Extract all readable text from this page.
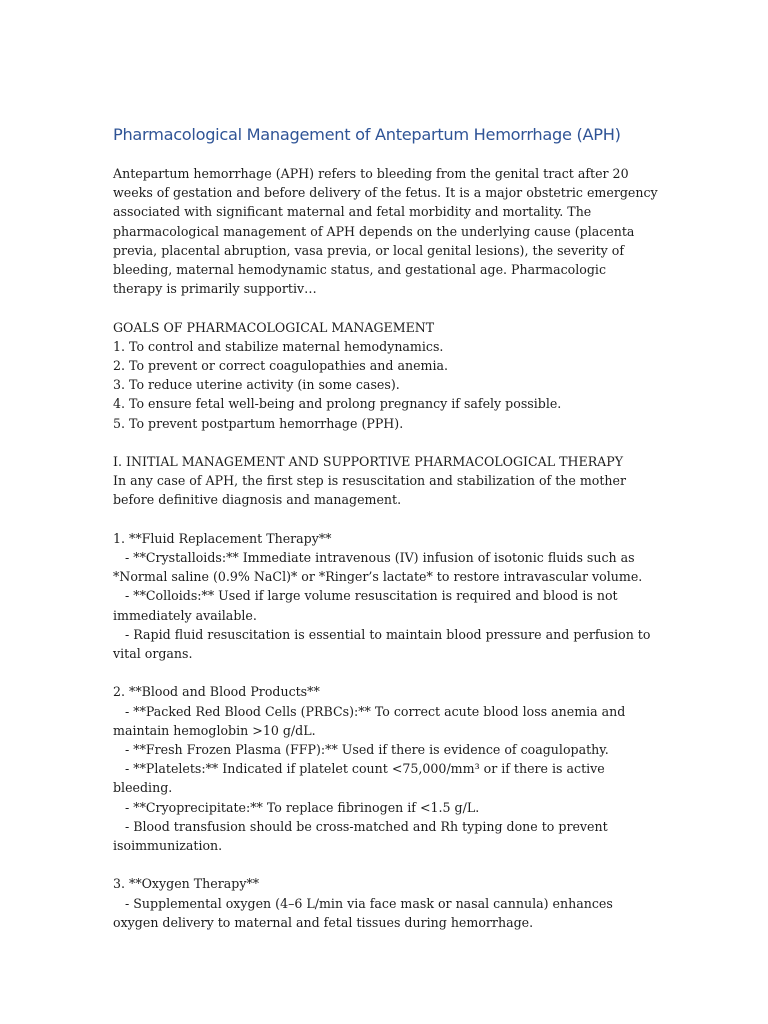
Pharmacological Management of Antepartum Hemorrhage (APH)

Antepartum hemorrhage (APH) refers to bleeding from the genital tract after 20 weeks of gestation and before delivery of the fetus. It is a major obstetric emergency associated with significant maternal and fetal morbidity and mortality. The pharmacological management of APH depends on the underlying cause (placenta previa, placental abruption, vasa previa, or local genital lesions), the severity of bleeding, maternal hemodynamic status, and gestational age. Pharmacologic therapy is primarily supportiv…

GOALS OF PHARMACOLOGICAL MANAGEMENT

1. To control and stabilize maternal hemodynamics.

2. To prevent or correct coagulopathies and anemia.

3. To reduce uterine activity (in some cases).

4. To ensure fetal well-being and prolong pregnancy if safely possible.

5. To prevent postpartum hemorrhage (PPH).

I. INITIAL MANAGEMENT AND SUPPORTIVE PHARMACOLOGICAL THERAPY

In any case of APH, the first step is resuscitation and stabilization of the mother before definitive diagnosis and management.

1. **Fluid Replacement Therapy**

- **Crystalloids:** Immediate intravenous (IV) infusion of isotonic fluids such as *Normal saline (0.9% NaCl)* or *Ringer’s lactate* to restore intravascular volume.

- **Colloids:** Used if large volume resuscitation is required and blood is not immediately available.

- Rapid fluid resuscitation is essential to maintain blood pressure and perfusion to vital organs.

2. **Blood and Blood Products**

- **Packed Red Blood Cells (PRBCs):** To correct acute blood loss anemia and maintain hemoglobin >10 g/dL.

- **Fresh Frozen Plasma (FFP):** Used if there is evidence of coagulopathy.

- **Platelets:** Indicated if platelet count <75,000/mm³ or if there is active bleeding.

- **Cryoprecipitate:** To replace fibrinogen if <1.5 g/L.

- Blood transfusion should be cross-matched and Rh typing done to prevent isoimmunization.

3. **Oxygen Therapy**

- Supplemental oxygen (4–6 L/min via face mask or nasal cannula) enhances oxygen delivery to maternal and fetal tissues during hemorrhage.
